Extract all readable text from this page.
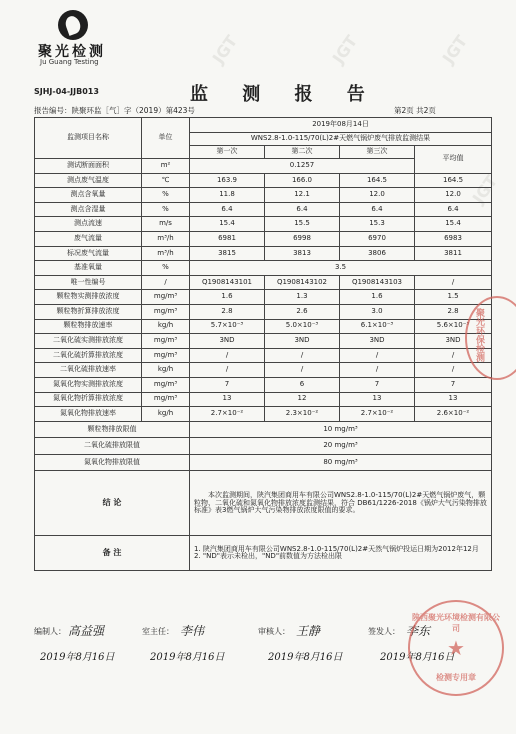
JGT	JGT	JGT
JGT
聚光检测
Ju Guang Testing
SJHJ-04-JJB013	监 测 报 告
报告编号：陕聚环监［气］字（2019）第423号	第2页 共2页
监测项目名称	单位	2019年08月14日			
		WNS2.8-1.0-115/70(L)2#天燃气锅炉废气排放监测结果			
		第一次	第二次	第三次	平均值
测试断面面积	m²	0.1257			
测点废气温度	℃	163.9	166.0	164.5	164.5
测点含氧量	%	11.8	12.1	12.0	12.0
测点含湿量	%	6.4	6.4	6.4	6.4
测点流速	m/s	15.4	15.5	15.3	15.4
废气流量	m³/h	6981	6998	6970	6983
标况废气流量	m³/h	3815	3813	3806	3811
基准氧量	%	3.5			
唯一性编号	/	Q1908143101	Q1908143102	Q1908143103	/
颗粒物实测排放浓度	mg/m³	1.6	1.3	1.6	1.5
颗粒物折算排放浓度	mg/m³	2.8	2.6	3.0	2.8
颗粒物排放速率	kg/h	5.7×10⁻³	5.0×10⁻³	6.1×10⁻³	5.6×10⁻³
二氧化硫实测排放浓度	mg/m³	3ND	3ND	3ND	3ND
二氧化硫折算排放浓度	mg/m³	/	/	/	/
二氧化硫排放速率	kg/h	/	/	/	/
氮氧化物实测排放浓度	mg/m³	7	6	7	7
氮氧化物折算排放浓度	mg/m³	13	12	13	13
氮氧化物排放速率	kg/h	2.7×10⁻²	2.3×10⁻²	2.7×10⁻²	2.6×10⁻²
颗粒物排放限值		10 mg/m³			
二氧化硫排放限值		20 mg/m³			
氮氧化物排放限值		80 mg/m³			
结 论		本次监测期间，陕汽集团商用车有限公司WNS2.8-1.0-115/70(L)2#天燃气锅炉废气，颗粒物、二氧化硫和氮氧化物排放浓度监测结果，符合 DB61/1226-2018《锅炉大气污染物排放标准》表3燃气锅炉大气污染物排放浓度限值的要求。			
备 注		1. 陕汽集团商用车有限公司WNS2.8-1.0-115/70(L)2#天然气锅炉投运日期为2012年12月
2. "ND"表示未检出，"ND"前数值为方法检出限			
编制人： 高益强
2019年8月16日
室主任： 李伟
2019年8月16日
审核人： 王静
2019年8月16日
签发人： 李东
2019年8月16日
聚光环保检测
陕西聚光环境检测有限公司
★
检测专用章
